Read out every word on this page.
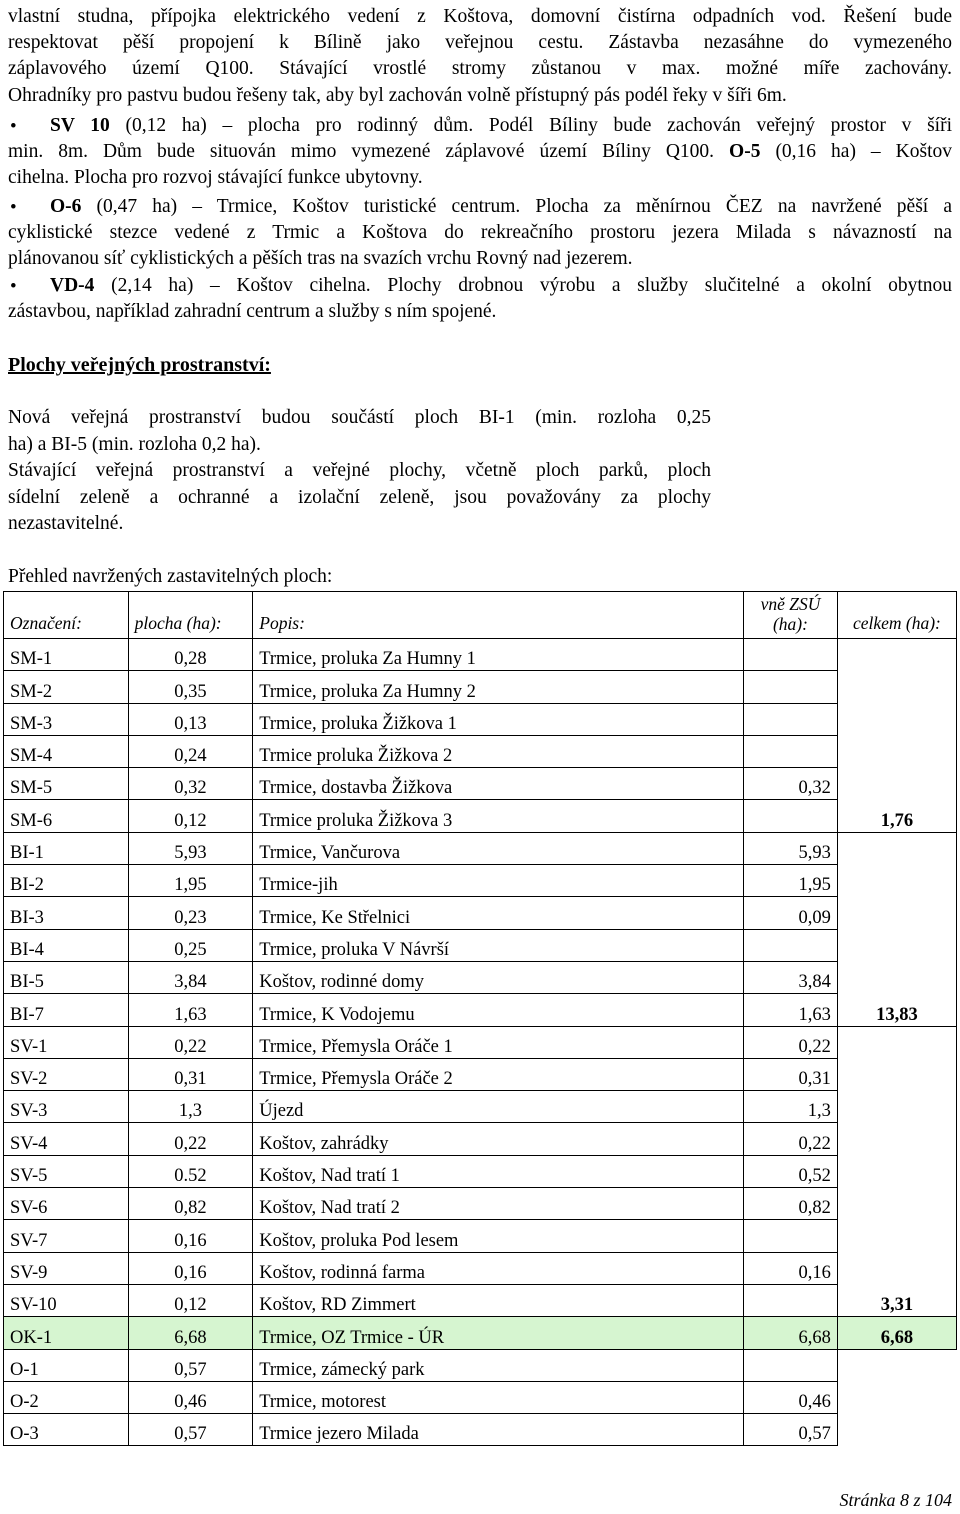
vlastní studna, přípojka elektrického vedení z Koštova, domovní čistírna odpadních vod. Řešení bude
respektovat pěší propojení k Bílině jako veřejnou cestu. Zástavba nezasáhne do vymezeného
záplavového území Q100. Stávající vrostlé stromy zůstanou v max. možné míře zachovány.
Ohradníky pro pastvu budou řešeny tak, aby byl zachován volně přístupný pás podél řeky v šíři 6m.
• SV 10 (0,12 ha) – plocha pro rodinný dům. Podél Bíliny bude zachován veřejný prostor v šíři
min. 8m. Dům bude situován mimo vymezené záplavové území Bíliny Q100. O-5 (0,16 ha) – Koštov
cihelna. Plocha pro rozvoj stávající funkce ubytovny.
• O-6 (0,47 ha) – Trmice, Koštov turistické centrum. Plocha za měnírnou ČEZ na navržené pěší a
cyklistické stezce vedené z Trmic a Koštova do rekreačního prostoru jezera Milada s návazností na
plánovanou síť cyklistických a pěších tras na svazích vrchu Rovný nad jezerem.
• VD-4 (2,14 ha) – Koštov cihelna. Plochy drobnou výrobu a služby slučitelné a okolní obytnou
zástavbou, například zahradní centrum a služby s ním spojené.
Plochy veřejných prostranství:
Nová veřejná prostranství budou součástí ploch BI-1 (min. rozloha 0,25
ha) a BI-5 (min. rozloha 0,2 ha).
Stávající veřejná prostranství a veřejné plochy, včetně ploch parků, ploch
sídelní zeleně a ochranné a izolační zeleně, jsou považovány za plochy
nezastavitelné.
Přehled navržených zastavitelných ploch:
Označení:	plocha (ha):	Popis:	vně ZSÚ (ha):	celkem (ha):
SM-1	0,28	Trmice, proluka Za Humny 1		
SM-2	0,35	Trmice, proluka Za Humny 2		
SM-3	0,13	Trmice, proluka Žižkova 1		
SM-4	0,24	Trmice proluka Žižkova 2		
SM-5	0,32	Trmice, dostavba Žižkova	0,32	
SM-6	0,12	Trmice proluka Žižkova 3		1,76
BI-1	5,93	Trmice, Vančurova	5,93	
BI-2	1,95	Trmice-jih	1,95	
BI-3	0,23	Trmice, Ke Střelnici	0,09	
BI-4	0,25	Trmice, proluka V Návrší		
BI-5	3,84	Koštov, rodinné domy	3,84	
BI-7	1,63	Trmice, K Vodojemu	1,63	13,83
SV-1	0,22	Trmice, Přemysla Oráče 1	0,22	
SV-2	0,31	Trmice, Přemysla Oráče 2	0,31	
SV-3	1,3	Újezd	1,3	
SV-4	0,22	Koštov, zahrádky	0,22	
SV-5	0.52	Koštov, Nad tratí 1	0,52	
SV-6	0,82	Koštov, Nad tratí 2	0,82	
SV-7	0,16	Koštov, proluka Pod lesem		
SV-9	0,16	Koštov, rodinná farma	0,16	
SV-10	0,12	Koštov, RD Zimmert		3,31
OK-1	6,68	Trmice, OZ Trmice - ÚR	6,68	6,68
O-1	0,57	Trmice, zámecký park		
O-2	0,46	Trmice, motorest	0,46	
O-3	0,57	Trmice jezero Milada	0,57	
Stránka 8 z 104
